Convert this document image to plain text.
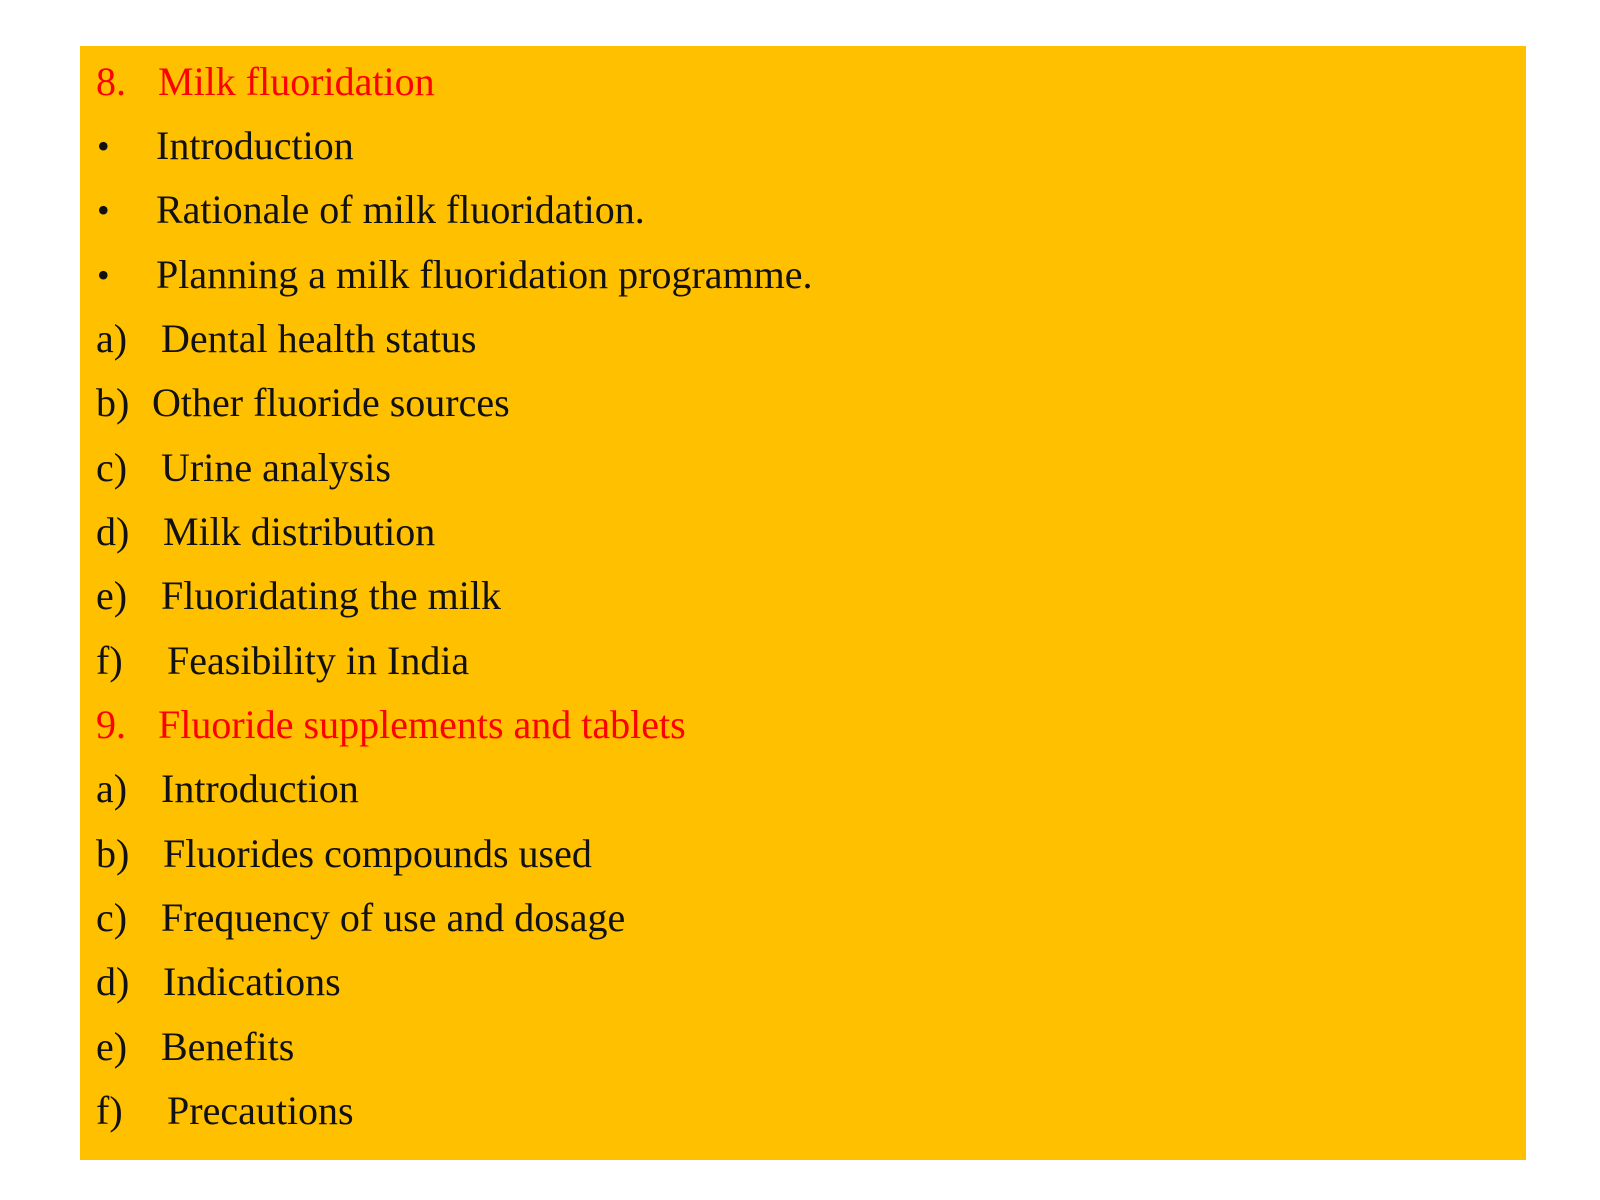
8. Milk fluoridation
• Introduction
• Rationale of milk fluoridation.
• Planning a milk fluoridation programme.
a) Dental health status
b) Other fluoride sources
c) Urine analysis
d) Milk distribution
e) Fluoridating the milk
f) Feasibility in India
9. Fluoride supplements and tablets
a) Introduction
b) Fluorides compounds used
c) Frequency of use and dosage
d) Indications
e) Benefits
f) Precautions
